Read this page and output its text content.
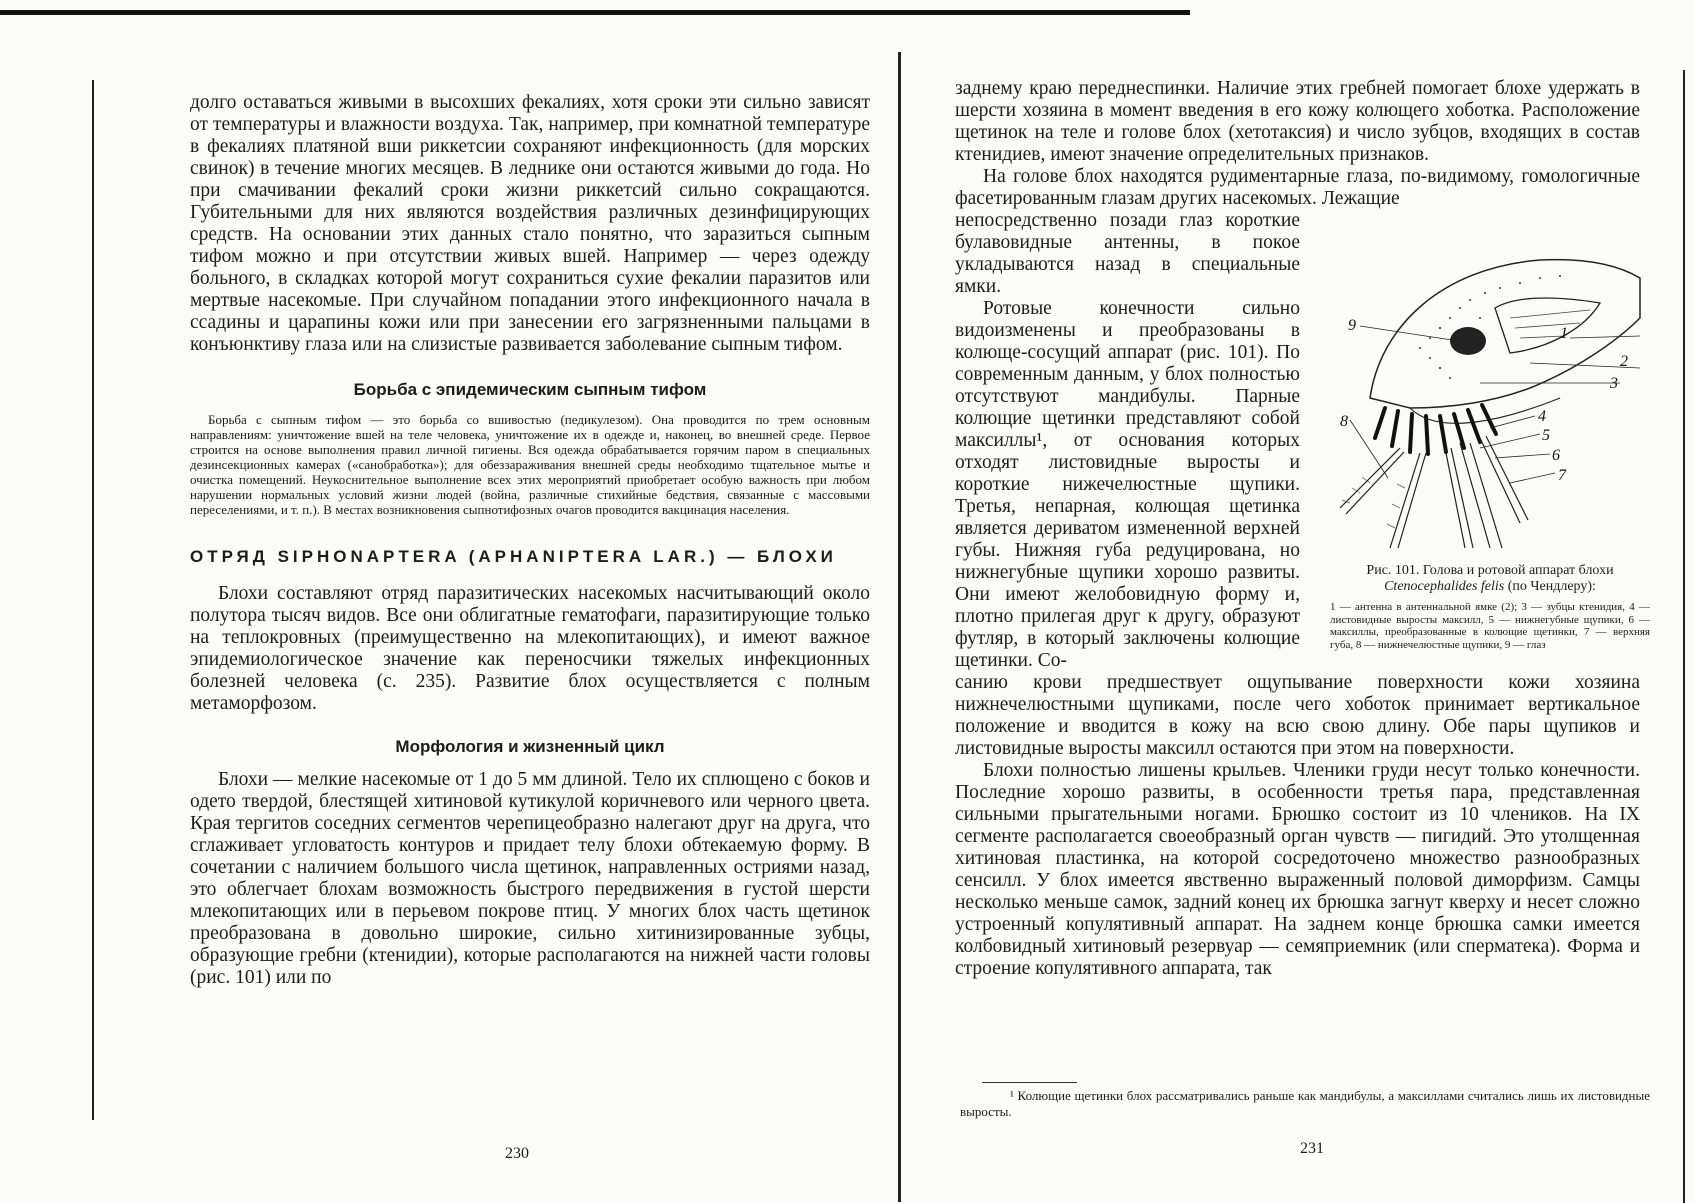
долго оставаться живыми в высохших фекалиях, хотя сроки эти сильно зависят от температуры и влажности воздуха. Так, например, при комнатной температуре в фекалиях платяной вши риккетсии сохраняют инфекционность (для морских свинок) в течение многих месяцев. В леднике они остаются живыми до года. Но при смачивании фекалий сроки жизни риккетсий сильно сокращаются. Губительными для них являются воздействия различных дезинфицирующих средств. На основании этих данных стало понятно, что заразиться сыпным тифом можно и при отсутствии живых вшей. Например — через одежду больного, в складках которой могут сохраниться сухие фекалии паразитов или мертвые насекомые. При случайном попадании этого инфекционного начала в ссадины и царапины кожи или при занесении его загрязненными пальцами в конъюнктиву глаза или на слизистые развивается заболевание сыпным тифом.

Борьба с эпидемическим сыпным тифом

Борьба с сыпным тифом — это борьба со вшивостью (педикулезом). Она проводится по трем основным направлениям: уничтожение вшей на теле человека, уничтожение их в одежде и, наконец, во внешней среде. Первое строится на основе выполнения правил личной гигиены. Вся одежда обрабатывается горячим паром в специальных дезинсекционных камерах («санобработка»); для обеззараживания внешней среды необходимо тщательное мытье и очистка помещений. Неукоснительное выполнение всех этих мероприятий приобретает особую важность при любом нарушении нормальных условий жизни людей (война, различные стихийные бедствия, связанные с массовыми переселениями, и т. п.). В местах возникновения сыпнотифозных очагов проводится вакцинация населения.

ОТРЯД SIPHONAPTERA (APHANIPTERA LAR.) — БЛОХИ

Блохи составляют отряд паразитических насекомых насчитывающий около полутора тысяч видов. Все они облигатные гематофаги, паразитирующие только на теплокровных (преимущественно на млекопитающих), и имеют важное эпидемиологическое значение как переносчики тяжелых инфекционных болезней человека (с. 235). Развитие блох осуществляется с полным метаморфозом.

Морфология и жизненный цикл

Блохи — мелкие насекомые от 1 до 5 мм длиной. Тело их сплющено с боков и одето твердой, блестящей хитиновой кутикулой коричневого или черного цвета. Края тергитов соседних сегментов черепицеобразно налегают друг на друга, что сглаживает угловатость контуров и придает телу блохи обтекаемую форму. В сочетании с наличием большого числа щетинок, направленных остриями назад, это облегчает блохам возможность быстрого передвижения в густой шерсти млекопитающих или в перьевом покрове птиц. У многих блох часть щетинок преобразована в довольно широкие, сильно хитинизированные зубцы, образующие гребни (ктенидии), которые располагаются на нижней части головы (рис. 101) или по

230

заднему краю переднеспинки. Наличие этих гребней помогает блохе удержать в шерсти хозяина в момент введения в его кожу колющего хоботка. Расположение щетинок на теле и голове блох (хетотаксия) и число зубцов, входящих в состав ктенидиев, имеют значение определительных признаков.

На голове блох находятся рудиментарные глаза, по-видимому, гомологичные фасетированным глазам других насекомых. Лежащие

непосредственно позади глаз короткие булавовидные антенны, в покое укладываются назад в специальные ямки.

Ротовые конечности сильно видоизменены и преобразованы в колюще-сосущий аппарат (рис. 101). По современным данным, у блох полностью отсутствуют мандибулы. Парные колющие щетинки представляют собой максиллы¹, от основания которых отходят листовидные выросты и короткие нижечелюстные щупики. Третья, непарная, колющая щетинка является дериватом измененной верхней губы. Нижняя губа редуцирована, но нижнегубные щупики хорошо развиты. Они имеют желобовидную форму и, плотно прилегая друг к другу, образуют футляр, в который заключены колющие щетинки. Со-

санию крови предшествует ощупывание поверхности кожи хозяина нижнечелюстными щупиками, после чего хоботок принимает вертикальное положение и вводится в кожу на всю свою длину. Обе пары щупиков и листовидные выросты максилл остаются при этом на поверхности.

Блохи полностью лишены крыльев. Членики груди несут только конечности. Последние хорошо развиты, в особенности третья пара, представленная сильными прыгательными ногами. Брюшко состоит из 10 члеников. На IX сегменте располагается своеобразный орган чувств — пигидий. Это утолщенная хитиновая пластинка, на которой сосредоточено множество разнообразных сенсилл. У блох имеется явственно выраженный половой диморфизм. Самцы несколько меньше самок, задний конец их брюшка загнут кверху и несет сложно устроенный копулятивный аппарат. На заднем конце брюшка самки имеется колбовидный хитиновый резервуар — семяприемник (или сперматека). Форма и строение копулятивного аппарата, так

9	1
2
3
8	4
5
6
7

Рис. 101. Голова и ротовой аппарат блохи Ctenocephalides felis (по Чендлеру):

1 — антенна в антеннальной ямке (2); 3 — зубцы ктенидия, 4 — листовидные выросты максилл, 5 — нижнегубные щупики, 6 — максиллы, преобразованные в колющие щетинки, 7 — верхняя губа, 8 — нижнечелюстные щупики, 9 — глаз

¹ Колющие щетинки блох рассматривались раньше как мандибулы, а максиллами считались лишь их листовидные выросты.

231
